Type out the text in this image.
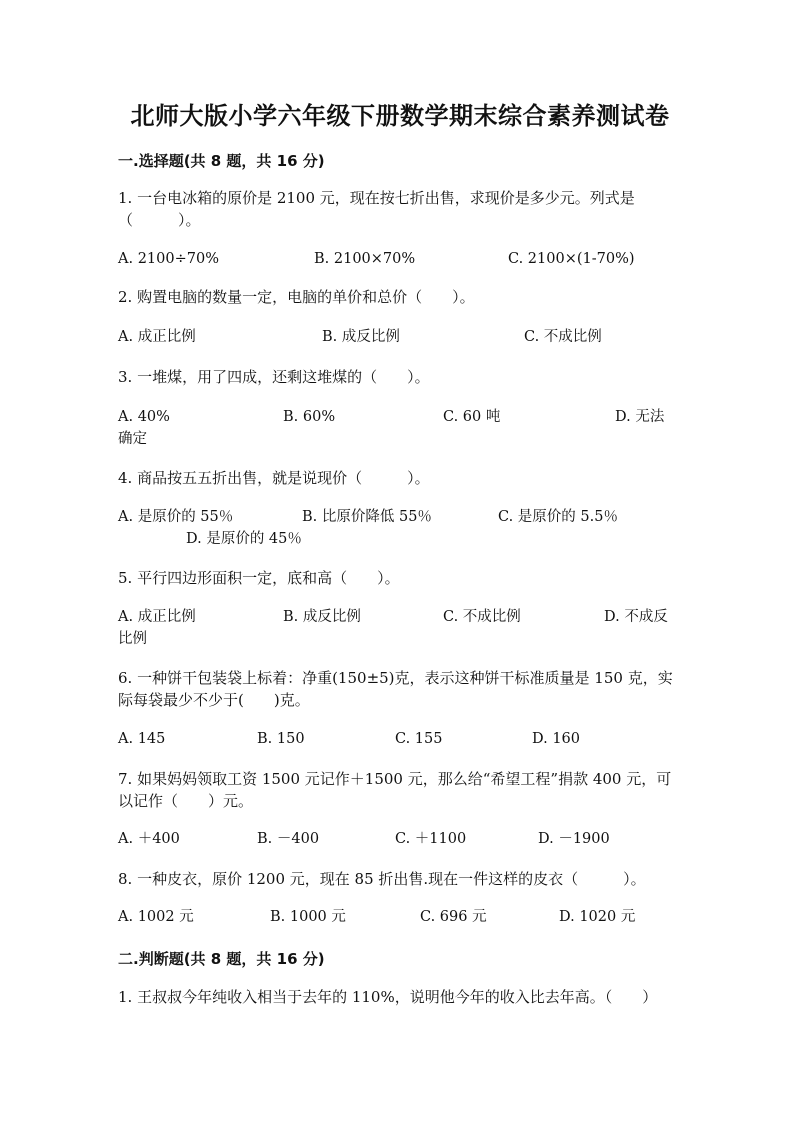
北师大版小学六年级下册数学期末综合素养测试卷
一.选择题(共 8 题，共 16 分)
1. 一台电冰箱的原价是 2100 元，现在按七折出售，求现价是多少元。列式是（　　　）。
A. 2100÷70%	B. 2100×70%	C. 2100×(1-70%)
2. 购置电脑的数量一定，电脑的单价和总价（　　）。
A. 成正比例	B. 成反比例	C. 不成比例
3. 一堆煤，用了四成，还剩这堆煤的（　　）。
A. 40%	B. 60%	C. 60 吨	D. 无法
确定
4. 商品按五五折出售，就是说现价（　　　）。
A. 是原价的 55％	B. 比原价降低 55％	C. 是原价的 5.5％
D. 是原价的 45％
5. 平行四边形面积一定，底和高（　　）。
A. 成正比例	B. 成反比例	C. 不成比例	D. 不成反
比例
6. 一种饼干包装袋上标着：净重(150±5)克，表示这种饼干标准质量是 150 克，实际每袋最少不少于(　　)克。
A. 145	B. 150	C. 155	D. 160
7. 如果妈妈领取工资 1500 元记作＋1500 元，那么给“希望工程”捐款 400 元，可以记作（　　）元。
A. ＋400	B. －400	C. ＋1100	D. －1900
8. 一种皮衣，原价 1200 元，现在 85 折出售.现在一件这样的皮衣（　　　）。
A. 1002 元	B. 1000 元	C. 696 元	D. 1020 元
二.判断题(共 8 题，共 16 分)
1. 王叔叔今年纯收入相当于去年的 110%，说明他今年的收入比去年高。（　　）
